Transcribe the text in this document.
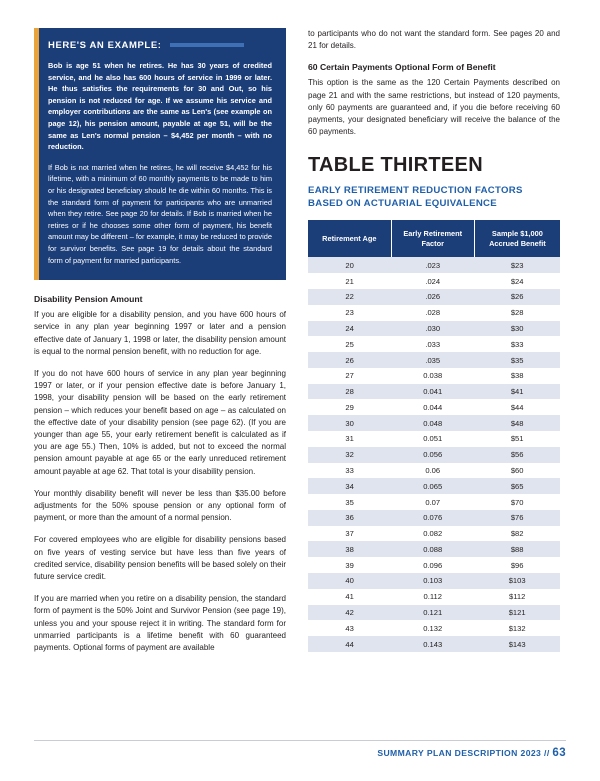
HERE'S AN EXAMPLE:

Bob is age 51 when he retires. He has 30 years of credited service, and he also has 600 hours of service in 1999 or later. He thus satisfies the requirements for 30 and Out, so his pension is not reduced for age. If we assume his service and employer contributions are the same as Len's (see example on page 12), his pension amount, payable at age 51, will be the same as Len's normal pension – $4,452 per month – with no reduction.

If Bob is not married when he retires, he will receive $4,452 for his lifetime, with a minimum of 60 monthly payments to be made to him or his designated beneficiary should he die within 60 months. This is the standard form of payment for participants who are unmarried when they retire. See page 20 for details. If Bob is married when he retires or if he chooses some other form of payment, his benefit amount may be different – for example, it may be reduced to provide for survivor benefits. See page 19 for details about the standard form of payment for married participants.

Disability Pension Amount

If you are eligible for a disability pension, and you have 600 hours of service in any plan year beginning 1997 or later and a pension effective date of January 1, 1998 or later, the disability pension amount is equal to the normal pension benefit, with no reduction for age.

If you do not have 600 hours of service in any plan year beginning 1997 or later, or if your pension effective date is before January 1, 1998, your disability pension will be based on the early retirement pension – which reduces your benefit based on age – as calculated on the effective date of your disability pension (see page 62). (If you are younger than age 55, your early retirement benefit is calculated as if you are age 55.) Then, 10% is added, but not to exceed the normal pension amount payable at age 65 or the early unreduced retirement amount payable at age 62. That total is your disability pension.

Your monthly disability benefit will never be less than $35.00 before adjustments for the 50% spouse pension or any optional form of payment, or more than the amount of a normal pension.

For covered employees who are eligible for disability pensions based on five years of vesting service but have less than five years of credited service, disability pension benefits will be based solely on their future service credit.

If you are married when you retire on a disability pension, the standard form of payment is the 50% Joint and Survivor Pension (see page 19), unless you and your spouse reject it in writing. The standard form for unmarried participants is a lifetime benefit with 60 guaranteed payments. Optional forms of payment are available

to participants who do not want the standard form. See pages 20 and 21 for details.

60 Certain Payments Optional Form of Benefit

This option is the same as the 120 Certain Payments described on page 21 and with the same restrictions, but instead of 120 payments, only 60 payments are guaranteed and, if you die before receiving 60 payments, your designated beneficiary will receive the balance of the 60 payments.

TABLE THIRTEEN
EARLY RETIREMENT REDUCTION FACTORS BASED ON ACTUARIAL EQUIVALENCE
Retirement Age	Early Retirement Factor	Sample $1,000 Accrued Benefit
20	.023	$23
21	.024	$24
22	.026	$26
23	.028	$28
24	.030	$30
25	.033	$33
26	.035	$35
27	0.038	$38
28	0.041	$41
29	0.044	$44
30	0.048	$48
31	0.051	$51
32	0.056	$56
33	0.06	$60
34	0.065	$65
35	0.07	$70
36	0.076	$76
37	0.082	$82
38	0.088	$88
39	0.096	$96
40	0.103	$103
41	0.112	$112
42	0.121	$121
43	0.132	$132
44	0.143	$143
SUMMARY PLAN DESCRIPTION 2023 // 63
